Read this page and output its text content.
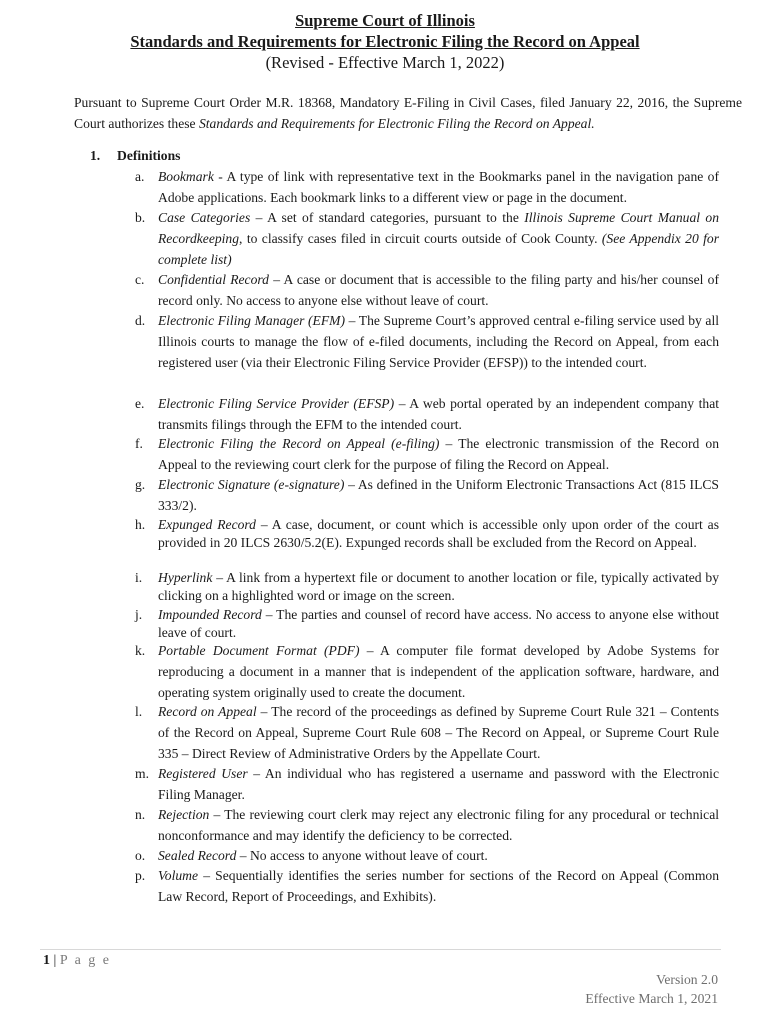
Supreme Court of Illinois
Standards and Requirements for Electronic Filing the Record on Appeal
(Revised - Effective March 1, 2022)
Pursuant to Supreme Court Order M.R. 18368, Mandatory E-Filing in Civil Cases, filed January 22, 2016, the Supreme Court authorizes these Standards and Requirements for Electronic Filing the Record on Appeal.
1. Definitions
a. Bookmark - A type of link with representative text in the Bookmarks panel in the navigation pane of Adobe applications. Each bookmark links to a different view or page in the document.
b. Case Categories – A set of standard categories, pursuant to the Illinois Supreme Court Manual on Recordkeeping, to classify cases filed in circuit courts outside of Cook County. (See Appendix 20 for complete list)
c. Confidential Record – A case or document that is accessible to the filing party and his/her counsel of record only. No access to anyone else without leave of court.
d. Electronic Filing Manager (EFM) – The Supreme Court’s approved central e-filing service used by all Illinois courts to manage the flow of e-filed documents, including the Record on Appeal, from each registered user (via their Electronic Filing Service Provider (EFSP)) to the intended court.
e. Electronic Filing Service Provider (EFSP) – A web portal operated by an independent company that transmits filings through the EFM to the intended court.
f. Electronic Filing the Record on Appeal (e-filing) – The electronic transmission of the Record on Appeal to the reviewing court clerk for the purpose of filing the Record on Appeal.
g. Electronic Signature (e-signature) – As defined in the Uniform Electronic Transactions Act (815 ILCS 333/2).
h. Expunged Record – A case, document, or count which is accessible only upon order of the court as provided in 20 ILCS 2630/5.2(E). Expunged records shall be excluded from the Record on Appeal.
i. Hyperlink – A link from a hypertext file or document to another location or file, typically activated by clicking on a highlighted word or image on the screen.
j. Impounded Record – The parties and counsel of record have access. No access to anyone else without leave of court.
k. Portable Document Format (PDF) – A computer file format developed by Adobe Systems for reproducing a document in a manner that is independent of the application software, hardware, and operating system originally used to create the document.
l. Record on Appeal – The record of the proceedings as defined by Supreme Court Rule 321 – Contents of the Record on Appeal, Supreme Court Rule 608 – The Record on Appeal, or Supreme Court Rule 335 – Direct Review of Administrative Orders by the Appellate Court.
m. Registered User – An individual who has registered a username and password with the Electronic Filing Manager.
n. Rejection – The reviewing court clerk may reject any electronic filing for any procedural or technical nonconformance and may identify the deficiency to be corrected.
o. Sealed Record – No access to anyone without leave of court.
p. Volume – Sequentially identifies the series number for sections of the Record on Appeal (Common Law Record, Report of Proceedings, and Exhibits).
1 | P a g e
Version 2.0
Effective March 1, 2021
